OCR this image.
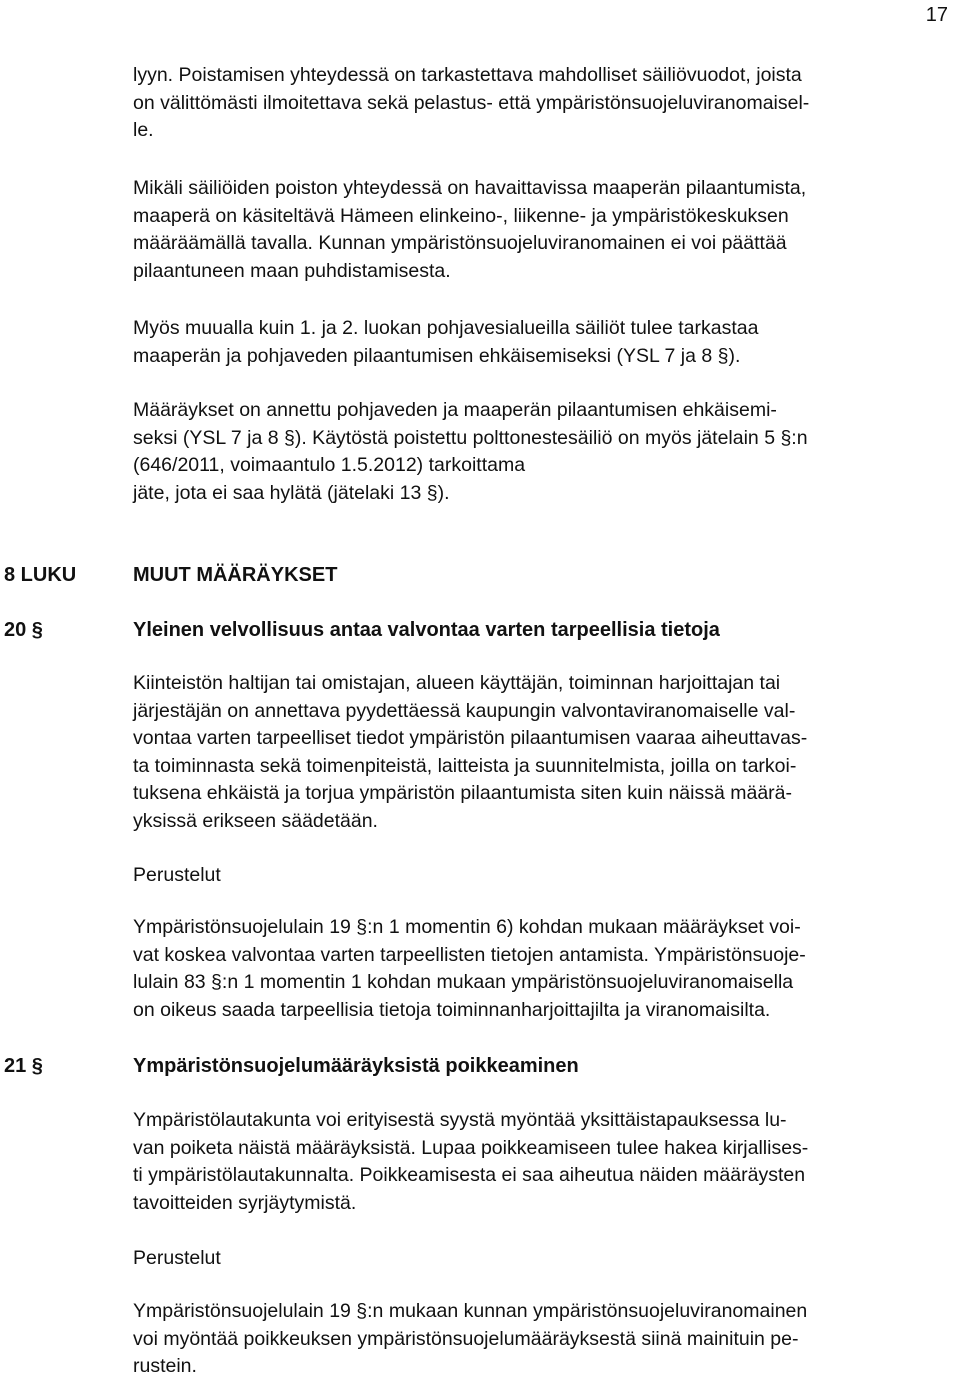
17

lyyn. Poistamisen yhteydessä on tarkastettava mahdolliset säiliövuodot, joista
on välittömästi ilmoitettava sekä pelastus- että ympäristönsuojeluviranomaisel-
le.

Mikäli säiliöiden poiston yhteydessä on havaittavissa maaperän pilaantumista,
maaperä on käsiteltävä Hämeen elinkeino-, liikenne- ja ympäristökeskuksen
määräämällä tavalla. Kunnan ympäristönsuojeluviranomainen ei voi päättää
pilaantuneen maan puhdistamisesta.

Myös muualla kuin 1. ja 2. luokan pohjavesialueilla säiliöt tulee tarkastaa
maaperän ja pohjaveden pilaantumisen ehkäisemiseksi (YSL 7 ja 8 §).

Määräykset on annettu pohjaveden ja maaperän pilaantumisen ehkäisemi-
seksi (YSL 7 ja 8 §). Käytöstä poistettu polttonestesäiliö on myös jätelain 5 §:n
(646/2011, voimaantulo 1.5.2012) tarkoittama
jäte, jota ei saa hylätä (jätelaki 13 §).

8 LUKU	MUUT MÄÄRÄYKSET
20 §	Yleinen velvollisuus antaa valvontaa varten tarpeellisia tietoja

Kiinteistön haltijan tai omistajan, alueen käyttäjän, toiminnan harjoittajan tai
järjestäjän on annettava pyydettäessä kaupungin valvontaviranomaiselle val-
vontaa varten tarpeelliset tiedot ympäristön pilaantumisen vaaraa aiheuttavas-
ta toiminnasta sekä toimenpiteistä, laitteista ja suunnitelmista, joilla on tarkoi-
tuksena ehkäistä ja torjua ympäristön pilaantumista siten kuin näissä määrä-
yksissä erikseen säädetään.

Perustelut

Ympäristönsuojelulain 19 §:n 1 momentin 6) kohdan mukaan määräykset voi-
vat koskea valvontaa varten tarpeellisten tietojen antamista. Ympäristönsuoje-
lulain 83 §:n 1 momentin 1 kohdan mukaan ympäristönsuojeluviranomaisella
on oikeus saada tarpeellisia tietoja toiminnanharjoittajilta ja viranomaisilta.

21 §	Ympäristönsuojelumääräyksistä poikkeaminen

Ympäristölautakunta voi erityisestä syystä myöntää yksittäistapauksessa lu-
van poiketa näistä määräyksistä. Lupaa poikkeamiseen tulee hakea kirjallises-
ti ympäristölautakunnalta. Poikkeamisesta ei saa aiheutua näiden määräysten
tavoitteiden syrjäytymistä.

Perustelut

Ympäristönsuojelulain 19 §:n mukaan kunnan ympäristönsuojeluviranomainen
voi myöntää poikkeuksen ympäristönsuojelumääräyksestä siinä mainituin pe-
rustein.
